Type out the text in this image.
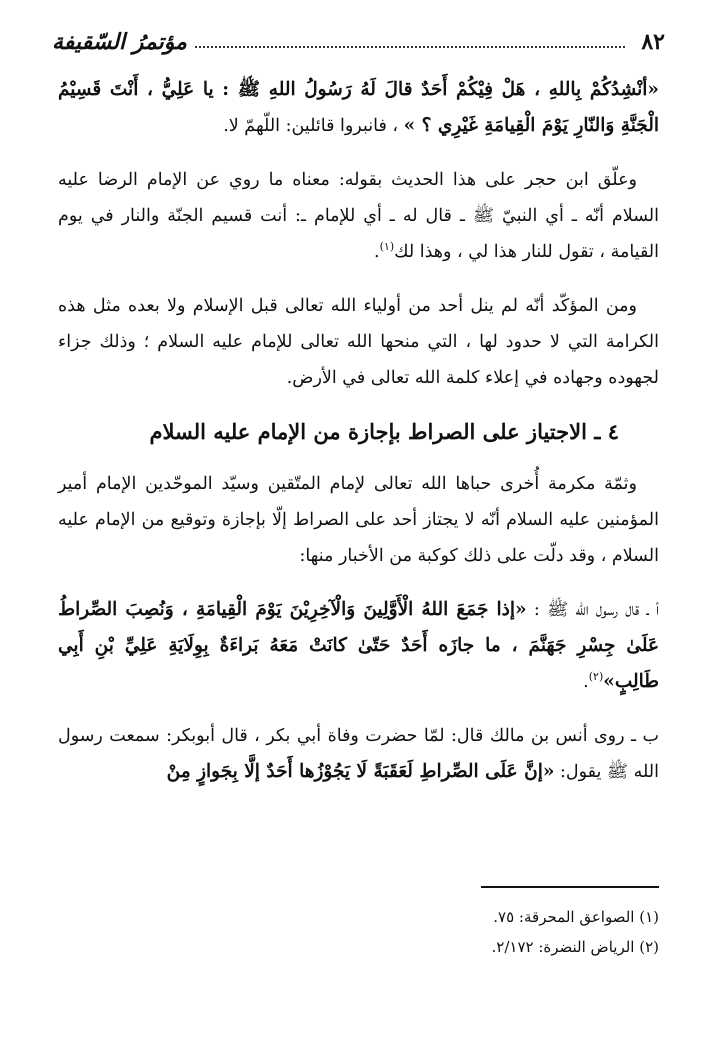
٨٢
مؤتمرُ السّقيفة

«أنْشِدُكُمْ بِاللهِ ، هَلْ فِيْكُمْ أَحَدٌ قالَ لَهُ رَسُولُ اللهِ ﷺ : يا عَلِيُّ ، أَنْتَ قَسِيْمُ الْجَنَّةِ وَالنّارِ يَوْمَ الْقِيامَةِ غَيْرِي ؟ » ، فانبروا قائلين: اللّهمّ لا.

وعلّق ابن حجر على هذا الحديث بقوله: معناه ما روي عن الإمام الرضا عليه السلام أنّه ـ أي النبيّ ﷺ ـ قال له ـ أي للإمام ـ: أنت قسيم الجنّة والنار في يوم القيامة ، تقول للنار هذا لي ، وهذا لك$^{(١)}$.

ومن المؤكّد أنّه لم ينل أحد من أولياء الله تعالى قبل الإسلام ولا بعده مثل هذه الكرامة التي لا حدود لها ، التي منحها الله تعالى للإمام عليه السلام ؛ وذلك جزاء لجهوده وجهاده في إعلاء كلمة الله تعالى في الأرض.

٤ ـ الاجتياز على الصراط بإجازة من الإمام عليه السلام

وثمّة مكرمة أُخرى حباها الله تعالى لإمام المتّقين وسيّد الموحّدين الإمام أمير المؤمنين عليه السلام أنّه لا يجتاز أحد على الصراط إلّا بإجازة وتوقيع من الإمام عليه السلام ، وقد دلّت على ذلك كوكبة من الأخبار منها:

أ ـ قال رسول الله ﷺ : «إذا جَمَعَ اللهُ الْأَوَّلِينَ وَالْآخِرِيْنَ يَوْمَ الْقِيامَةِ ، وَنُصِبَ الصِّراطُ عَلَىٰ جِسْرِ جَهَنَّمَ ، ما جازَه أَحَدٌ حَتّىٰ كانَتْ مَعَهُ بَراءَةٌ بِوِلَايَةِ عَلِيِّ بْنِ أَبِي طَالِبٍ»$^{(٢)}$.

ب ـ روى أنس بن مالك قال: لمّا حضرت وفاة أبي بكر ، قال أبوبكر: سمعت رسول الله ﷺ يقول: «إنَّ عَلَى الصِّراطِ لَعَقَبَةً لَا يَجُوْزُها أَحَدٌ إلَّا بِجَوازٍ مِنْ

(١) الصواعق المحرقة: ٧٥.
(٢) الرياض النضرة: ٢/١٧٢.
